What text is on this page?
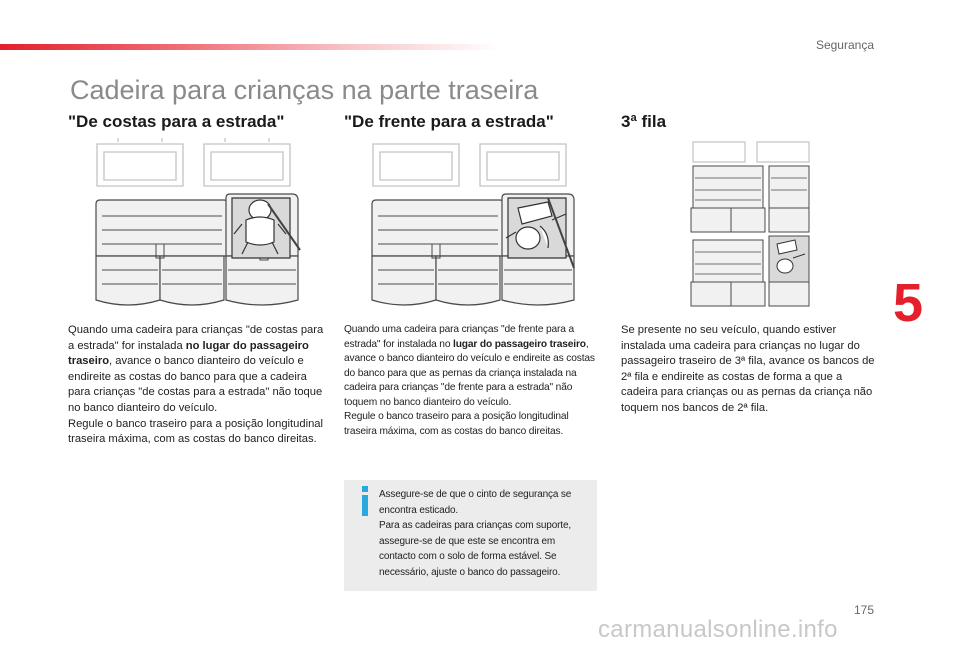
Segurança
Cadeira para crianças na parte traseira
"De costas para a estrada"	"De frente para a estrada"	3ª fila

Quando uma cadeira para crianças "de costas para a estrada" for instalada no lugar do passageiro traseiro, avance o banco dianteiro do veículo e endireite as costas do banco para que a cadeira para crianças "de costas para a estrada" não toque no banco dianteiro do veículo.

Regule o banco traseiro para a posição longitudinal traseira máxima, com as costas do banco direitas.

Quando uma cadeira para crianças "de frente para a estrada" for instalada no lugar do passageiro traseiro, avance o banco dianteiro do veículo e endireite as costas do banco para que as pernas da criança instalada na cadeira para crianças "de frente para a estrada" não toquem no banco dianteiro do veículo.

Regule o banco traseiro para a posição longitudinal traseira máxima, com as costas do banco direitas.

Se presente no seu veículo, quando estiver instalada uma cadeira para crianças no lugar do passageiro traseiro de 3ª fila, avance os bancos de 2ª fila e endireite as costas de forma a que a cadeira para crianças ou as pernas da criança não toquem nos bancos de 2ª fila.

Assegure-se de que o cinto de segurança se encontra esticado.

Para as cadeiras para crianças com suporte, assegure-se de que este se encontra em contacto com o solo de forma estável. Se necessário, ajuste o banco do passageiro.

5
175
carmanualsonline.info
